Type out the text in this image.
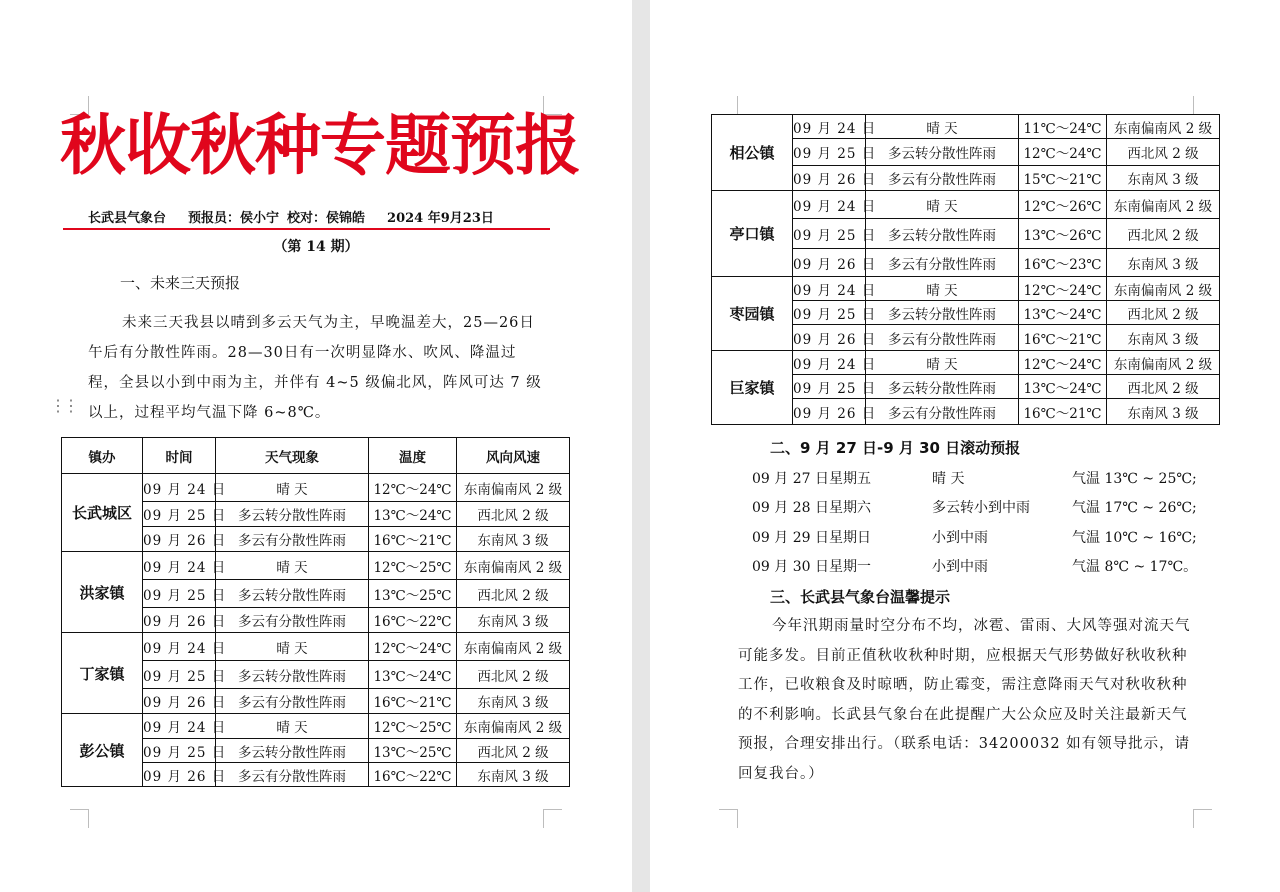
秋收秋种专题预报
长武县气象台 预报员：侯小宁 校对：侯锦皓 2024 年9月23日
（第 14 期）
一、未来三天预报
未来三天我县以晴到多云天气为主，早晚温差大，25—26日午后有分散性阵雨。28—30日有一次明显降水、吹风、降温过程，全县以小到中雨为主，并伴有 4~5 级偏北风，阵风可达 7 级以上，过程平均气温下降 6~8℃。
⋮⋮
镇办	时间	天气现象	温度	风向风速
长武城区	09 月 24 日	晴 天	12℃～24℃	东南偏南风 2 级
	09 月 25 日	多云转分散性阵雨	13℃～24℃	西北风 2 级
	09 月 26 日	多云有分散性阵雨	16℃～21℃	东南风 3 级
洪家镇	09 月 24 日	晴 天	12℃～25℃	东南偏南风 2 级
	09 月 25 日	多云转分散性阵雨	13℃～25℃	西北风 2 级
	09 月 26 日	多云有分散性阵雨	16℃～22℃	东南风 3 级
丁家镇	09 月 24 日	晴 天	12℃～24℃	东南偏南风 2 级
	09 月 25 日	多云转分散性阵雨	13℃～24℃	西北风 2 级
	09 月 26 日	多云有分散性阵雨	16℃～21℃	东南风 3 级
彭公镇	09 月 24 日	晴 天	12℃～25℃	东南偏南风 2 级
	09 月 25 日	多云转分散性阵雨	13℃～25℃	西北风 2 级
	09 月 26 日	多云有分散性阵雨	16℃～22℃	东南风 3 级
相公镇	09 月 24 日	晴 天	11℃～24℃	东南偏南风 2 级
	09 月 25 日	多云转分散性阵雨	12℃～24℃	西北风 2 级
	09 月 26 日	多云有分散性阵雨	15℃～21℃	东南风 3 级
亭口镇	09 月 24 日	晴 天	12℃～26℃	东南偏南风 2 级
	09 月 25 日	多云转分散性阵雨	13℃～26℃	西北风 2 级
	09 月 26 日	多云有分散性阵雨	16℃～23℃	东南风 3 级
枣园镇	09 月 24 日	晴 天	12℃～24℃	东南偏南风 2 级
	09 月 25 日	多云转分散性阵雨	13℃～24℃	西北风 2 级
	09 月 26 日	多云有分散性阵雨	16℃～21℃	东南风 3 级
巨家镇	09 月 24 日	晴 天	12℃～24℃	东南偏南风 2 级
	09 月 25 日	多云转分散性阵雨	13℃～24℃	西北风 2 级
	09 月 26 日	多云有分散性阵雨	16℃～21℃	东南风 3 级
二、9 月 27 日-9 月 30 日滚动预报
09 月 27 日星期五	晴 天	气温 13℃ ~ 25℃;
09 月 28 日星期六	多云转小到中雨	气温 17℃ ~ 26℃;
09 月 29 日星期日	小到中雨	气温 10℃ ~ 16℃;
09 月 30 日星期一	小到中雨	气温 8℃ ~ 17℃。
三、长武县气象台温馨提示
今年汛期雨量时空分布不均，冰雹、雷雨、大风等强对流天气可能多发。目前正值秋收秋种时期，应根据天气形势做好秋收秋种工作，已收粮食及时晾晒，防止霉变，需注意降雨天气对秋收秋种的不利影响。长武县气象台在此提醒广大公众应及时关注最新天气预报，合理安排出行。（联系电话：34200032 如有领导批示，请回复我台。）
